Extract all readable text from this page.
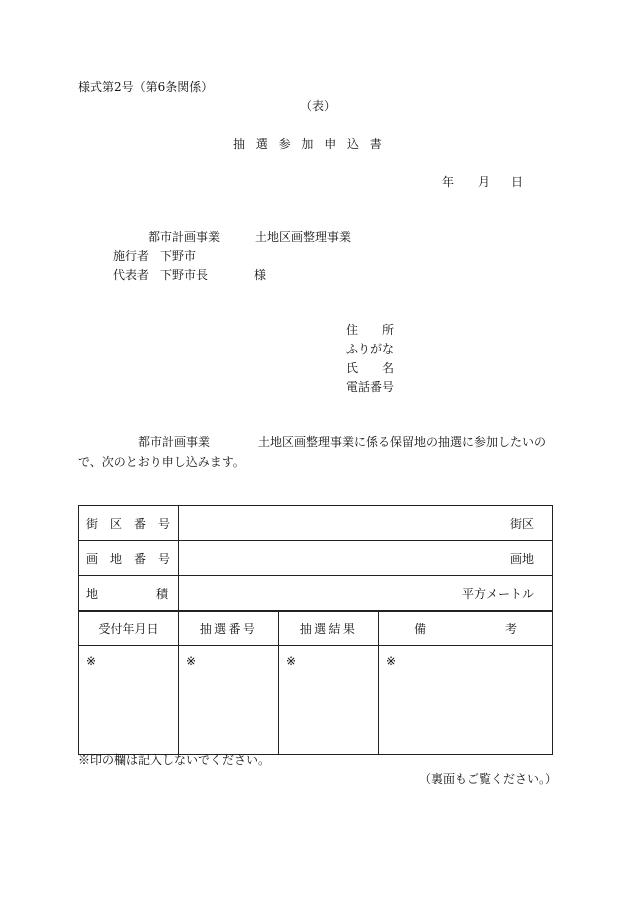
様式第2号（第6条関係）
（表）
抽選参加申込書
年 月 日
都市計画事業	土地区画整理事業
施行者 下野市
代表者 下野市長	様
住　　所
ふりがな
氏　　名
電話番号
都市計画事業	土地区画整理事業に係る保留地の抽選に参加したいの
で、次のとおり申し込みます。
街　区　番　号	街区		
画　地　番　号	画地		

地 積	平方メートル		
受付年月日	抽選番号	抽選結果	備 考

※	※	※	※
※印の欄は記入しないでください。
（裏面もご覧ください。）
